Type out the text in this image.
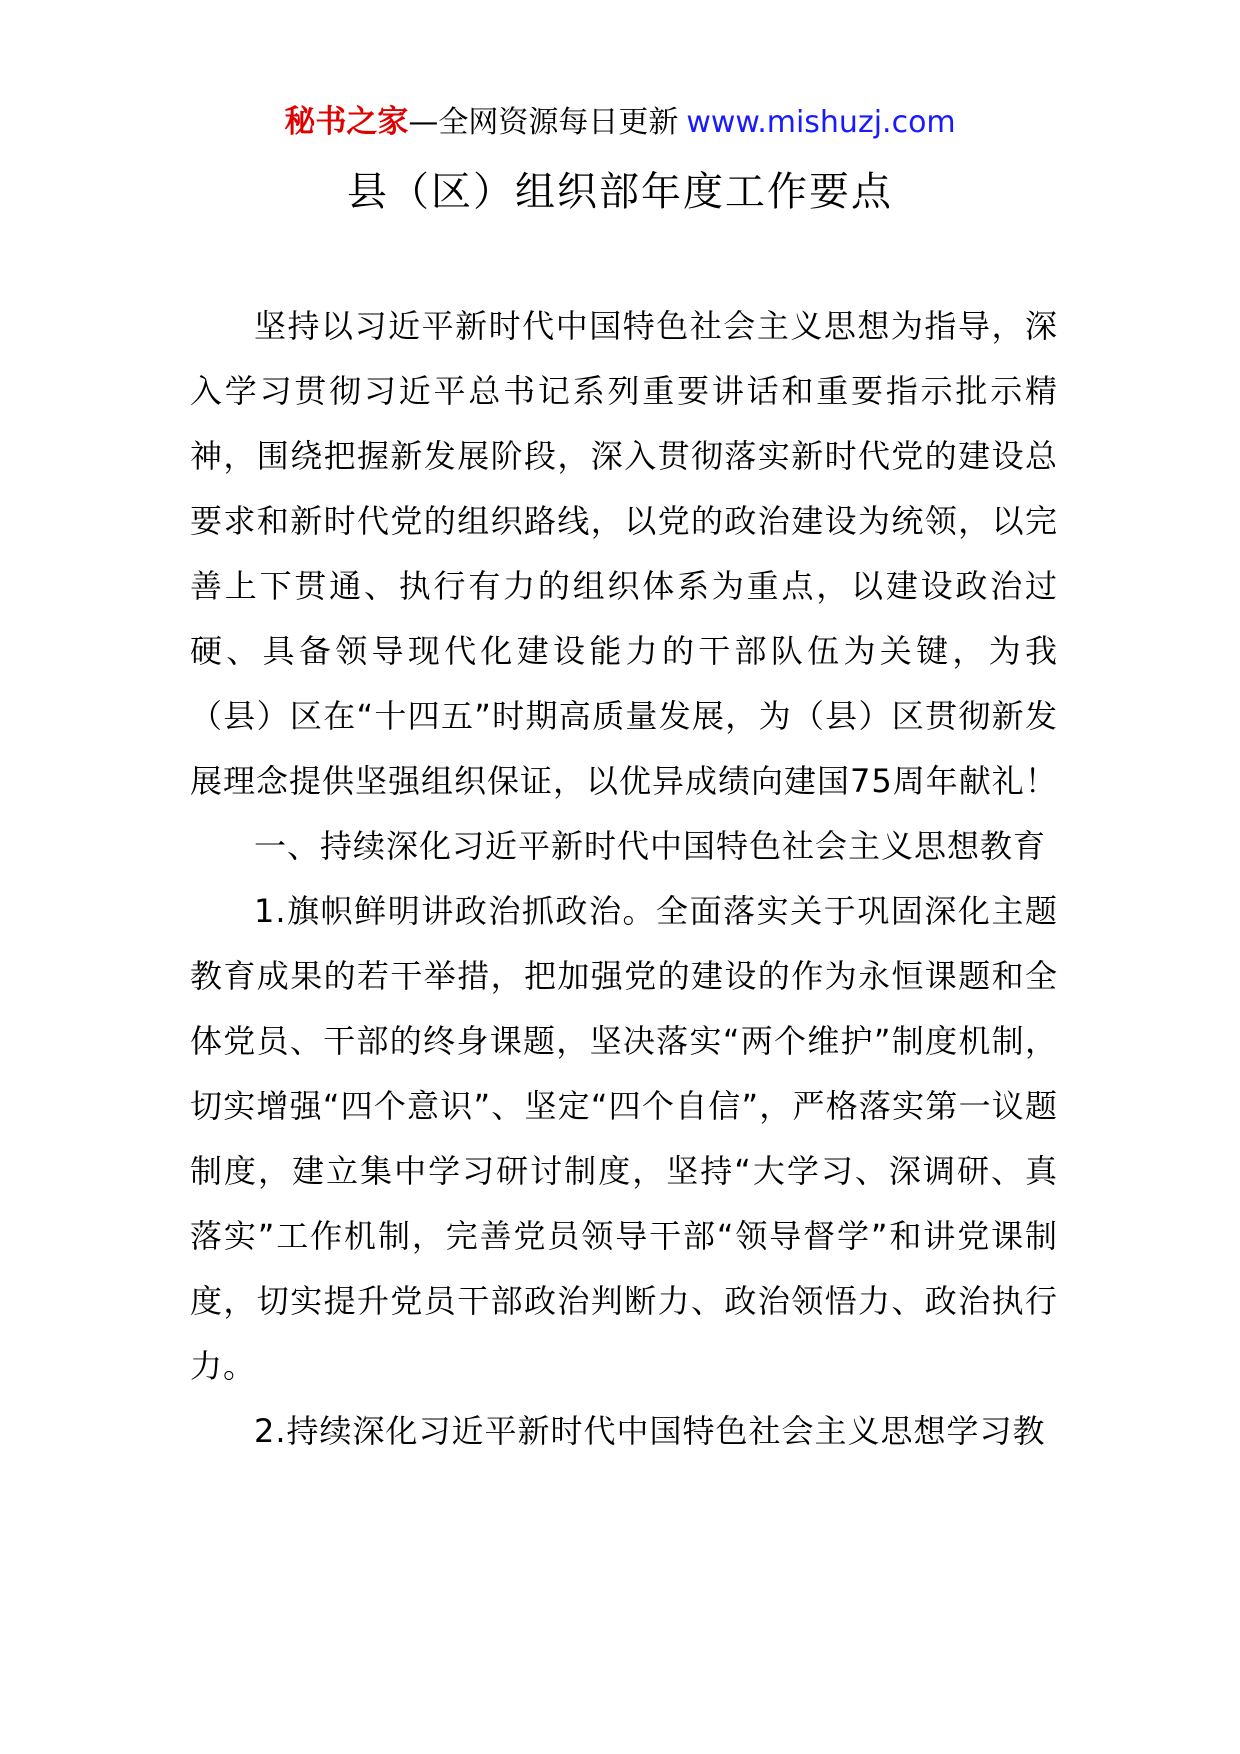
秘书之家—全网资源每日更新 www.mishuzj.com
县（区）组织部年度工作要点

坚持以习近平新时代中国特色社会主义思想为指导，深入学习贯彻习近平总书记系列重要讲话和重要指示批示精神，围绕把握新发展阶段，深入贯彻落实新时代党的建设总要求和新时代党的组织路线，以党的政治建设为统领，以完善上下贯通、执行有力的组织体系为重点，以建设政治过硬、具备领导现代化建设能力的干部队伍为关键，为我（县）区在“十四五”时期高质量发展，为（县）区贯彻新发展理念提供坚强组织保证，以优异成绩向建国75周年献礼！

一、持续深化习近平新时代中国特色社会主义思想教育

1.旗帜鲜明讲政治抓政治。全面落实关于巩固深化主题教育成果的若干举措，把加强党的建设的作为永恒课题和全体党员、干部的终身课题，坚决落实“两个维护”制度机制，切实增强“四个意识”、坚定“四个自信”，严格落实第一议题制度，建立集中学习研讨制度，坚持“大学习、深调研、真落实”工作机制，完善党员领导干部“领导督学”和讲党课制度，切实提升党员干部政治判断力、政治领悟力、政治执行力。

2.持续深化习近平新时代中国特色社会主义思想学习教
